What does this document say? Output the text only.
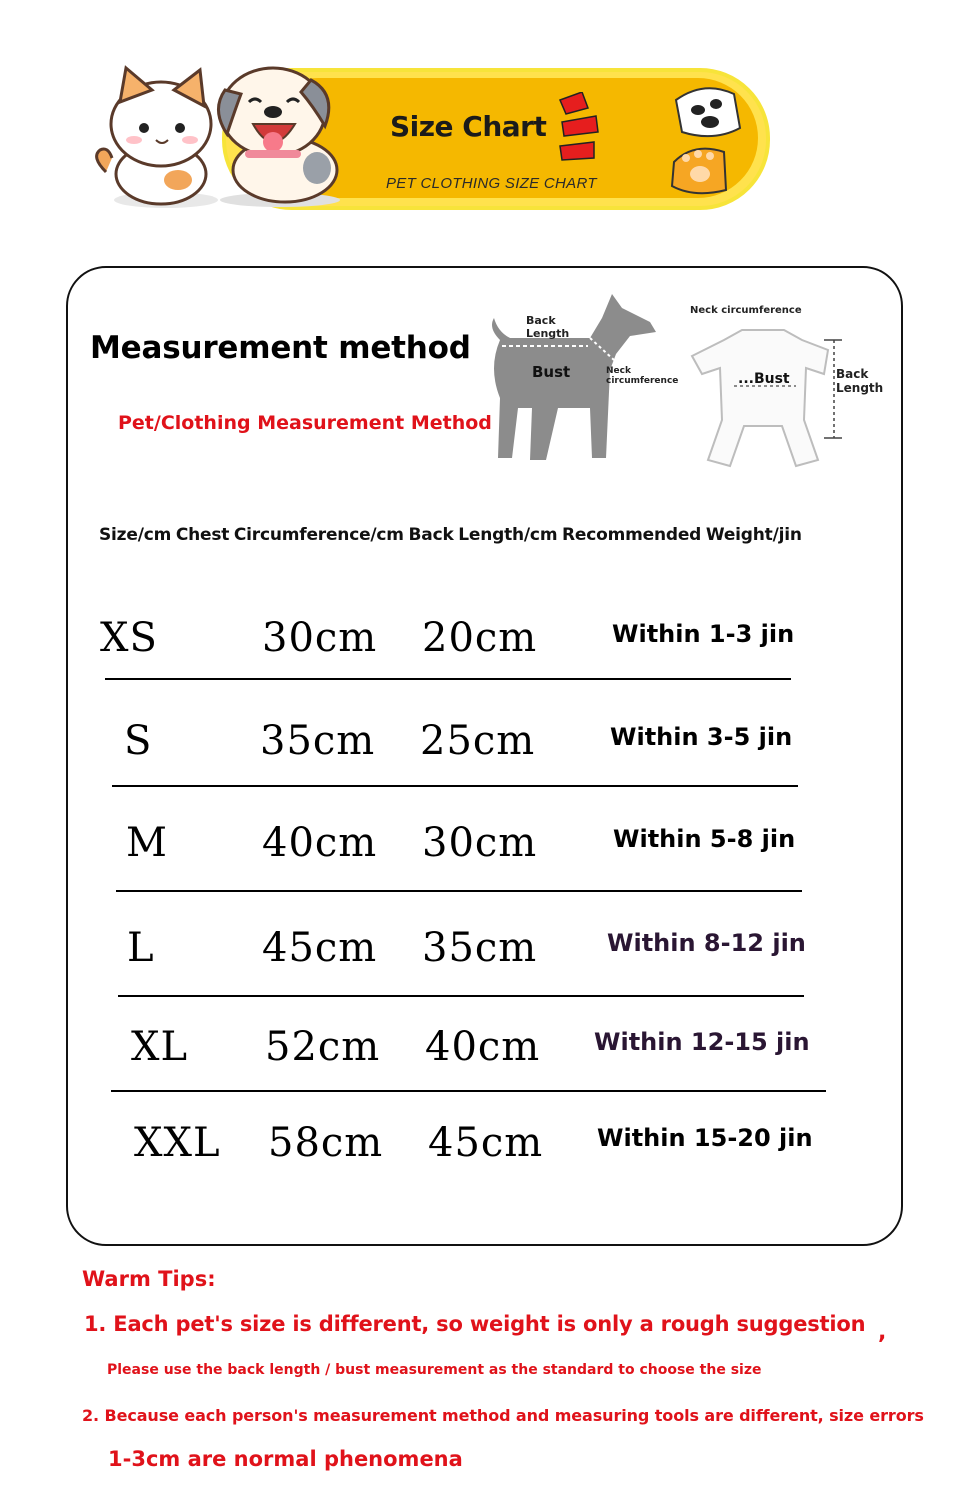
Size Chart
PET CLOTHING SIZE CHART
Measurement method
Pet/Clothing Measurement Method
Back
Length
Bust	Neck
circumference
Neck circumference
...Bust	Back
Length
Size/cm Chest Circumference/cm Back Length/cm Recommended Weight/jin
XS	30cm 20cm	Within 1-3 jin
S	35cm 25cm	Within 3-5 jin
M 40cm 30cm	Within 5-8 jin
L	45cm 35cm	Within 8-12 jin
XL 52cm 40cm Within 12-15 jin
XXL 58cm 45cm Within 15-20 jin
Warm Tips:
1. Each pet's size is different, so weight is only a rough suggestion ,
Please use the back length / bust measurement as the standard to choose the size
2. Because each person's measurement method and measuring tools are different, size errors
1-3cm are normal phenomena
